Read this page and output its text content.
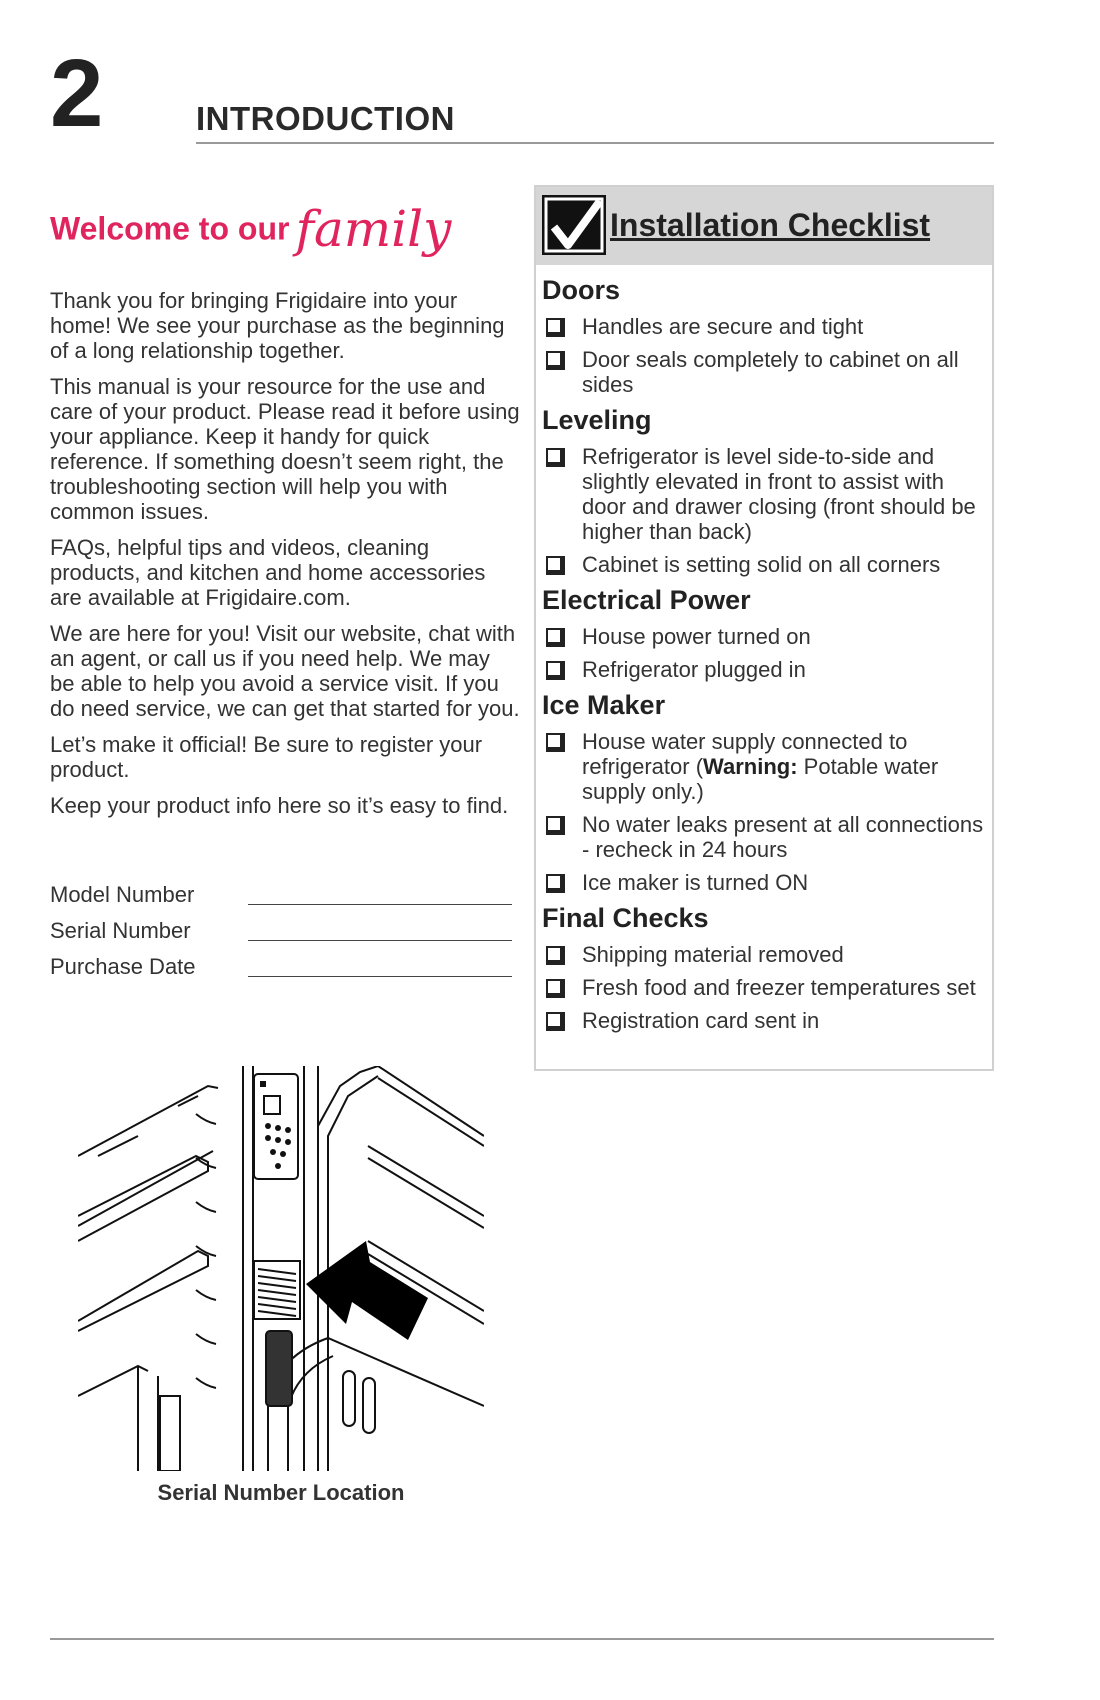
2	INTRODUCTION
Welcome to our family

Thank you for bringing Frigidaire into your home! We see your purchase as the beginning of a long relationship together.

This manual is your resource for the use and care of your product. Please read it before using your appliance. Keep it handy for quick reference. If something doesn’t seem right, the troubleshooting section will help you with common issues.

FAQs, helpful tips and videos, cleaning products, and kitchen and home accessories are available at Frigidaire.com.

We are here for you! Visit our website, chat with an agent, or call us if you need help. We may be able to help you avoid a service visit. If you do need service, we can get that started for you.

Let’s make it official! Be sure to register your product.

Keep your product info here so it’s easy to find.

Model Number
Serial Number
Purchase Date
Serial Number Location
Installation Checklist
Doors
Handles are secure and tight
Door seals completely to cabinet on all sides
Leveling
Refrigerator is level side-to-side and slightly elevated in front to assist with door and drawer closing (front should be higher than back)
Cabinet is setting solid on all corners
Electrical Power
House power turned on
Refrigerator plugged in
Ice Maker
House water supply connected to refrigerator (Warning: Potable water supply only.)
No water leaks present at all connections - recheck in 24 hours
Ice maker is turned ON
Final Checks
Shipping material removed
Fresh food and freezer temperatures set
Registration card sent in
